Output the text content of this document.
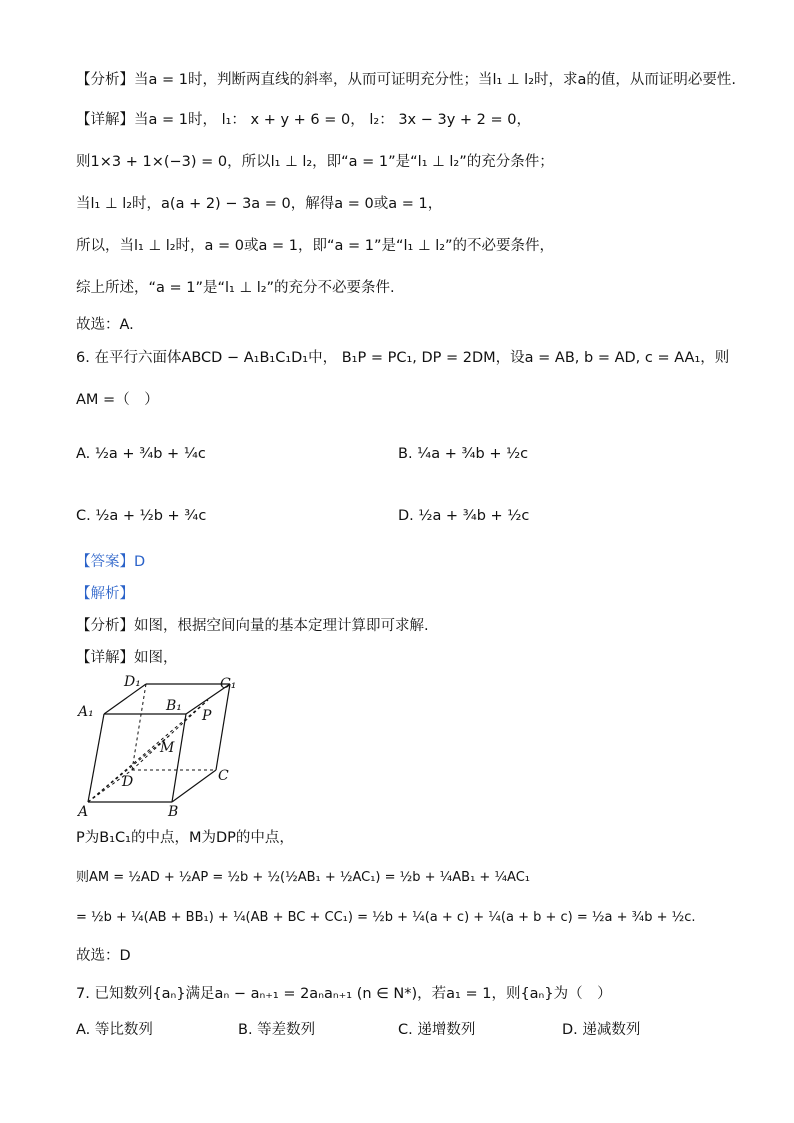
【分析】当a = 1时，判断两直线的斜率，从而可证明充分性；当l₁ ⊥ l₂时，求a的值，从而证明必要性.
【详解】当a = 1时， l₁： x + y + 6 = 0， l₂： 3x − 3y + 2 = 0，
则1×3 + 1×(−3) = 0，所以l₁ ⊥ l₂，即“a = 1”是“l₁ ⊥ l₂”的充分条件；
当l₁ ⊥ l₂时，a(a + 2) − 3a = 0，解得a = 0或a = 1，
所以，当l₁ ⊥ l₂时，a = 0或a = 1，即“a = 1”是“l₁ ⊥ l₂”的不必要条件，
综上所述，“a = 1”是“l₁ ⊥ l₂”的充分不必要条件.
故选：A.
6. 在平行六面体ABCD − A₁B₁C₁D₁中， B₁P = PC₁, DP = 2DM，设a = AB, b = AD, c = AA₁，则
AM =（　）
A. ½a + ¾b + ¼c	B. ¼a + ¾b + ½c
C. ½a + ½b + ¾c	D. ½a + ¾b + ½c
【答案】D
【解析】
【分析】如图，根据空间向量的基本定理计算即可求解.
【详解】如图，
A	B
C
D
A₁	B₁
C₁
D₁
P
M
P为B₁C₁的中点，M为DP的中点，
则AM = ½AD + ½AP = ½b + ½(½AB₁ + ½AC₁) = ½b + ¼AB₁ + ¼AC₁
= ½b + ¼(AB + BB₁) + ¼(AB + BC + CC₁) = ½b + ¼(a + c) + ¼(a + b + c) = ½a + ¾b + ½c.
故选：D
7. 已知数列{aₙ}满足aₙ − aₙ₊₁ = 2aₙaₙ₊₁ (n ∈ N*)，若a₁ = 1，则{aₙ}为（　）
A. 等比数列	B. 等差数列	C. 递增数列	D. 递减数列
